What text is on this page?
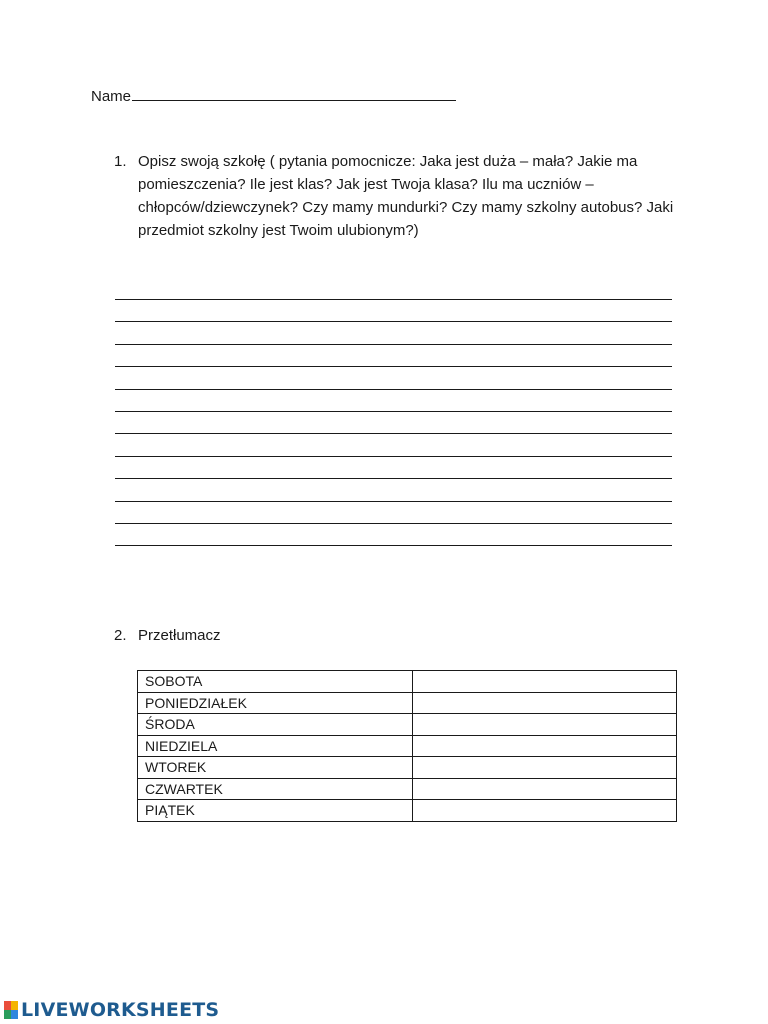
Name
1. Opisz swoją szkołę ( pytania pomocnicze: Jaka jest duża – mała? Jakie ma pomieszczenia? Ile jest klas? Jak jest Twoja klasa? Ilu ma uczniów – chłopców/dziewczynek? Czy mamy mundurki? Czy mamy szkolny autobus? Jaki przedmiot szkolny jest Twoim ulubionym?)
2. Przetłumacz
SOBOTA	
PONIEDZIAŁEK	
ŚRODA	
NIEDZIELA	
WTOREK	
CZWARTEK	
PIĄTEK	
LIVEWORKSHEETS
